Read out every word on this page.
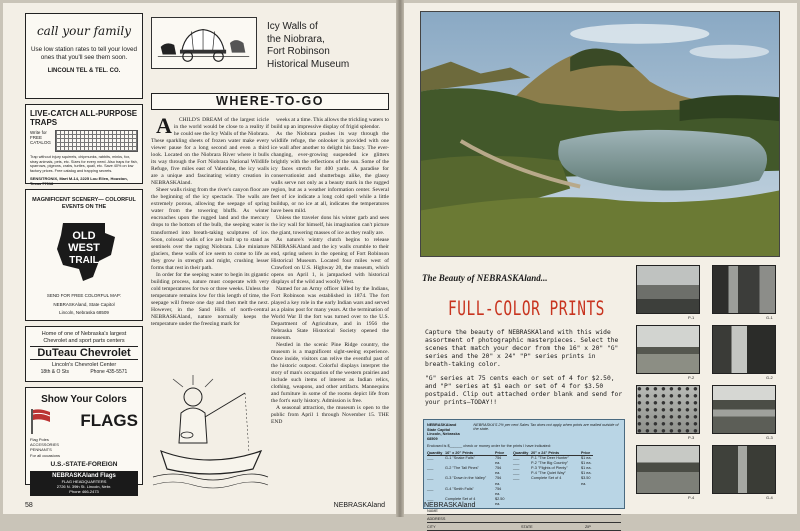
call your family
Use low station rates to tell your loved ones that you'll see them soon.
LINCOLN TEL & TEL. CO.
LIVE-CATCH ALL-PURPOSE TRAPS
Write for FREE CATALOG
Trap without injury squirrels, chipmunks, rabbits, minks, fox, stray animals, pets, etc. Sizes for every need. Also traps for fish, sparrows, pigeons, crabs, turtles, quail, etc. Save 40% on low factory prices. Free catalog and trapping secrets.
SENSITRONIX, Mart M-14, 2225 Lou Ellen, Houston, Texas 77018
MAGNIFICENT SCENERY— COLORFUL EVENTS ON THE
OLD
WEST
TRAIL
SEND FOR FREE COLORFUL MAP:
NEBRASKAland, State Capitol
Lincoln, Nebraska 68509
Home of one of Nebraska's largest Chevrolet and sport parts centers
DuTeau Chevrolet
Lincoln's Chevrolet Center
18th & O Sts	Phone 435-5571
Show Your Colors
FLAGS
Flag Poles
ACCESSORIES
PENNANTS
For all occasions
U.S.-STATE-FOREIGN
NEBRASKAland Flags
FLAG HEADQUARTERS
2726 N. 39th St. Lincoln, Nebr.
Phone 466-2473
Icy Walls of
the Niobrara,
Fort Robinson
Historical Museum
WHERE-TO-GO

A CHILD'S DREAM of the largest icicle in the world would be close to a reality if he could see the Icy Walls of the Niobrara. These sparkling sheets of frozen water make every viewer pause for a long second and even a third look. Located on the Niobrara River where it bulls its way through the Fort Niobrara National Wildlife Refuge, five miles east of Valentine, the icy walls are a unique and fascinating wintry creation in NEBRASKAland.

Sheer walls rising from the river's canyon floor are the beginning of the icy spectacle. The walls are extremely porous, allowing the seepage of spring water from the towering bluffs. As winter encroaches upon the rugged land and the mercury drops to the bottom of the bulb, the seeping water is transformed into breath-taking sculptures of ice. Soon, colossal walls of ice are built up to stand as sentinels over the raging Niobrara. Like miniature glaciers, these walls of ice seem to come to life as they grow in strength and might, crushing lesser forms that rest in their path.

In order for the seeping water to begin its gigantic building process, nature must cooperate with very cold temperatures for two or three weeks. Unless the temperature remains low for this length of time, the seepage will freeze one day and then melt the next. However, in the Sand Hills of north-central NEBRASKAland, nature normally keeps the temperature under the freezing mark for

weeks at a time. This allows the trickling waters to build up an impressive display of frigid splendor.

As the Niobrara pushes its way through the wildlife refuge, the onlooker is provided with one ice wall after another to delight his fancy. The ever-changing, ever-growing suspended ice glitters brightly with the reflections of the sun. Some of the icy faces stretch for 400 yards. A paradise for conservationist and shutterbugs alike, the glassy walls serve not only as a beauty mark in the rugged region, but as a weather information center. Several feet of ice indicate a long cold spell while a little buildup, or no ice at all, indicates the temperatures have been mild.

Unless the traveler dons his winter garb and sees the icy wall for himself, his imagination can't picture the giant, towering masses of ice as they really are.

As nature's wintry clutch begins to release NEBRASKAland and the icy walls crumble to their end, spring ushers in the opening of Fort Robinson Historical Museum. Located four miles west of Crawford on U.S. Highway 20, the museum, which opens on April 1, is jampacked with historical displays of the wild and woolly West.

Named for an Army officer killed by the Indians, Fort Robinson was established in 1874. The fort played a key role in the early Indian wars and served as a plains post for many years. At the termination of World War II the fort was turned over to the U.S. Department of Agriculture, and in 1956 the Nebraska State Historical Society opened the museum.

Nestled in the scenic Pine Ridge country, the museum is a magnificent sight-seeing experience. Once inside, visitors can relive the eventful past of the historic outpost. Colorful displays interpret the story of man's occupation of the western prairies and include such items of interest as Indian relics, clothing, weapons, and other artifacts. Mannequins and furniture in some of the rooms depict life from the fort's early history. Admission is free.

A seasonal attraction, the museum is open to the public from April 1 through November 15. THE END

58	NEBRASKAland
The Beauty of NEBRASKAland...
FULL-COLOR PRINTS

Capture the beauty of NEBRASKAland with this wide assortment of photographic masterpieces. Select the scenes that match your decor from the 16" x 20" "G" series and the 20" x 24" "P" series prints in breath-taking color.

"G" series at 75 cents each or set of 4 for $2.50, and "P" series at $1 each or set of 4 for $3.50 postpaid. Clip out attached order blank and send for your prints—TODAY!!

NEBRASKAland
State Capitol
Lincoln, Nebraska 68509
NEBRASKA'S 2½ per cent Sales Tax does not apply when prints are mailed outside of the state.
Enclosed is $______ check or money order for the prints I have indicated:
Quantity 16" x 20" Prints	Price
___	G-1 "Snake Falls"	75¢ ea.
___	G-2 "The Tall Pines"	75¢ ea.
___	G-3 "Down in the Valley"	75¢ ea.
___	G-4 "Smith Falls"	75¢ ea.
___	Complete Set of 4	$2.50 ea.
Quantity 20" x 24" Prints	Price
___	P-1 "The Deer Hunter"	$1 ea.
___	P-2 "The Big Country"	$1 ea.
___	P-3 "Flights of Plenty"	$1 ea.
___	P-4 "The Quiet Way"	$1 ea.
___	Complete Set of 4	$3.50 ea.
NAME
ADDRESS
CITY	STATE	ZIP
P-1	G-1
P-2	G-2
P-3	G-3
P-4	G-4
NEBRASKAland
